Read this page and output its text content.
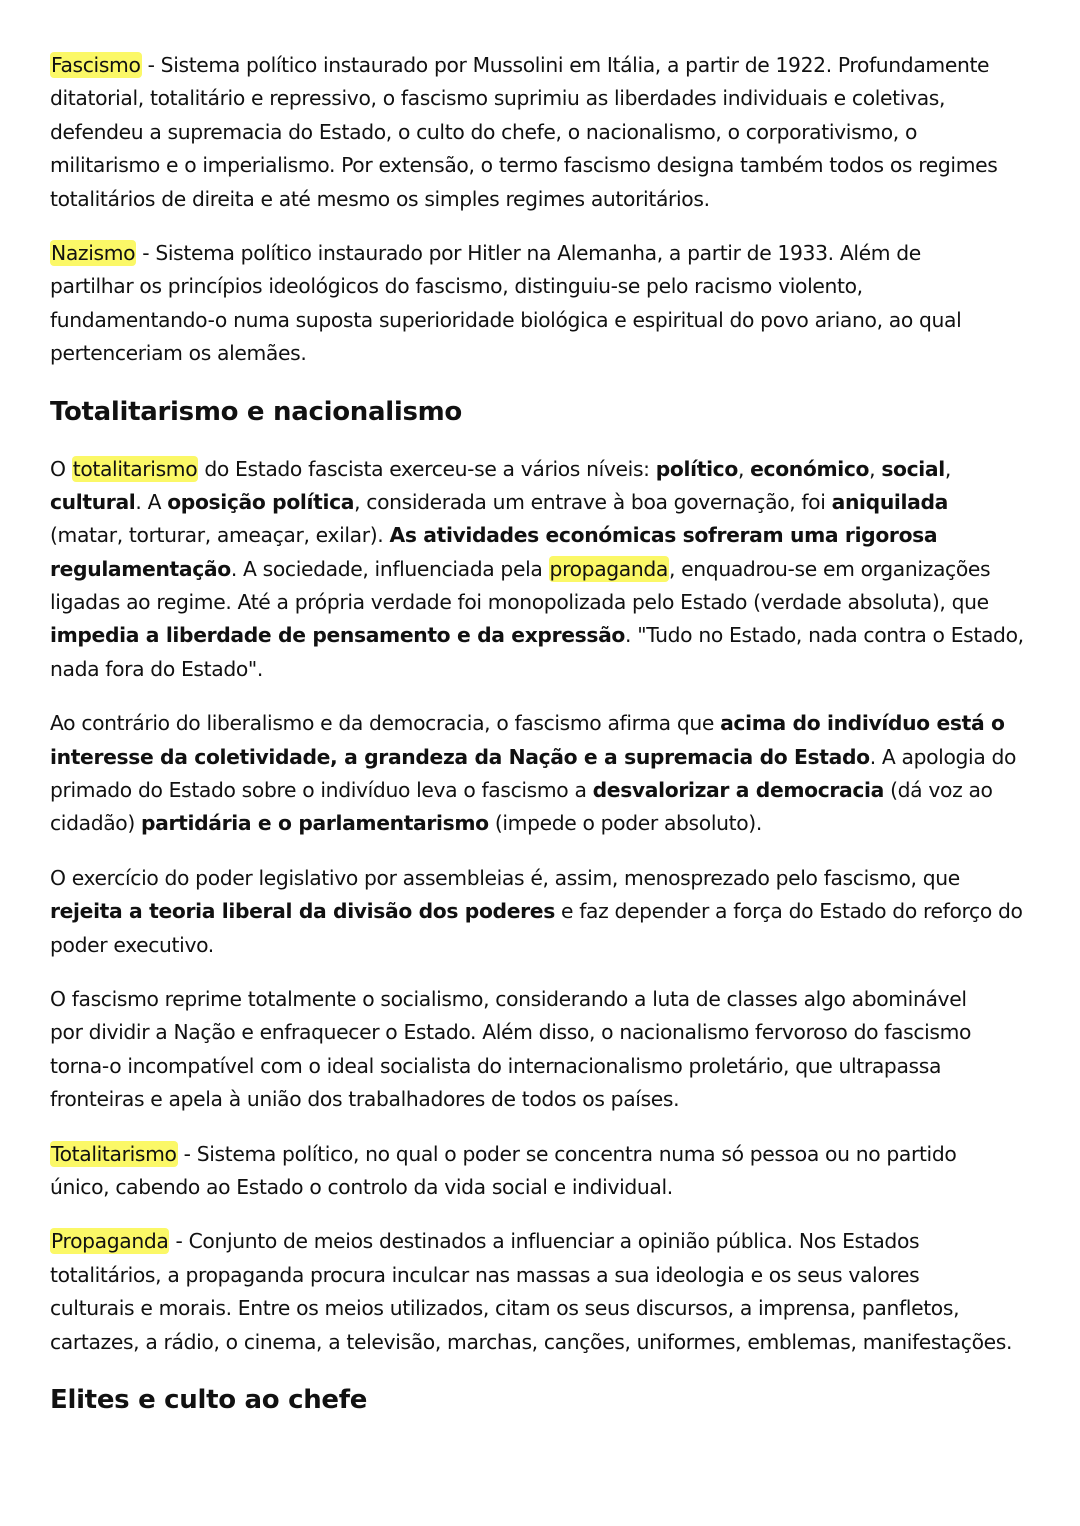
Fascismo - Sistema político instaurado por Mussolini em Itália, a partir de 1922. Profundamente
ditatorial, totalitário e repressivo, o fascismo suprimiu as liberdades individuais e coletivas,
defendeu a supremacia do Estado, o culto do chefe, o nacionalismo, o corporativismo, o
militarismo e o imperialismo. Por extensão, o termo fascismo designa também todos os regimes
totalitários de direita e até mesmo os simples regimes autoritários.
Nazismo - Sistema político instaurado por Hitler na Alemanha, a partir de 1933. Além de
partilhar os princípios ideológicos do fascismo, distinguiu-se pelo racismo violento,
fundamentando-o numa suposta superioridade biológica e espiritual do povo ariano, ao qual
pertenceriam os alemães.
Totalitarismo e nacionalismo
O totalitarismo do Estado fascista exerceu-se a vários níveis: político, económico, social,
cultural. A oposição política, considerada um entrave à boa governação, foi aniquilada
(matar, torturar, ameaçar, exilar). As atividades económicas sofreram uma rigorosa
regulamentação. A sociedade, influenciada pela propaganda, enquadrou-se em organizações
ligadas ao regime. Até a própria verdade foi monopolizada pelo Estado (verdade absoluta), que
impedia a liberdade de pensamento e da expressão. "Tudo no Estado, nada contra o Estado,
nada fora do Estado".
Ao contrário do liberalismo e da democracia, o fascismo afirma que acima do indivíduo está o
interesse da coletividade, a grandeza da Nação e a supremacia do Estado. A apologia do
primado do Estado sobre o indivíduo leva o fascismo a desvalorizar a democracia (dá voz ao
cidadão) partidária e o parlamentarismo (impede o poder absoluto).
O exercício do poder legislativo por assembleias é, assim, menosprezado pelo fascismo, que
rejeita a teoria liberal da divisão dos poderes e faz depender a força do Estado do reforço do
poder executivo.
O fascismo reprime totalmente o socialismo, considerando a luta de classes algo abominável
por dividir a Nação e enfraquecer o Estado. Além disso, o nacionalismo fervoroso do fascismo
torna-o incompatível com o ideal socialista do internacionalismo proletário, que ultrapassa
fronteiras e apela à união dos trabalhadores de todos os países.
Totalitarismo - Sistema político, no qual o poder se concentra numa só pessoa ou no partido
único, cabendo ao Estado o controlo da vida social e individual.
Propaganda - Conjunto de meios destinados a influenciar a opinião pública. Nos Estados
totalitários, a propaganda procura inculcar nas massas a sua ideologia e os seus valores
culturais e morais. Entre os meios utilizados, citam os seus discursos, a imprensa, panfletos,
cartazes, a rádio, o cinema, a televisão, marchas, canções, uniformes, emblemas, manifestações.
Elites e culto ao chefe
